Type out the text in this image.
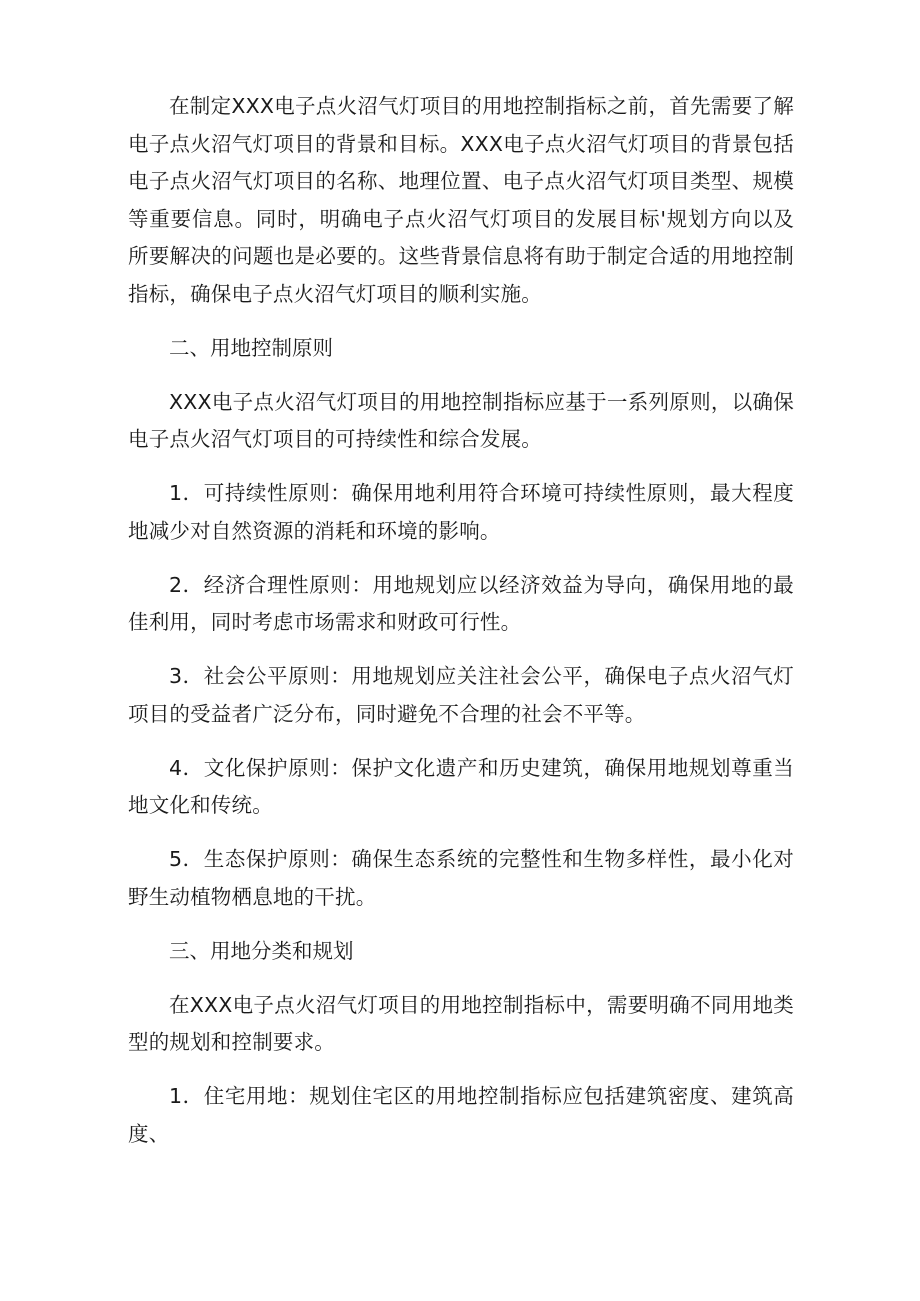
在制定XXX电子点火沼气灯项目的用地控制指标之前，首先需要了解电子点火沼气灯项目的背景和目标。XXX电子点火沼气灯项目的背景包括电子点火沼气灯项目的名称、地理位置、电子点火沼气灯项目类型、规模等重要信息。同时，明确电子点火沼气灯项目的发展目标'规划方向以及所要解决的问题也是必要的。这些背景信息将有助于制定合适的用地控制指标，确保电子点火沼气灯项目的顺利实施。

二、用地控制原则

XXX电子点火沼气灯项目的用地控制指标应基于一系列原则，以确保电子点火沼气灯项目的可持续性和综合发展。

1．可持续性原则：确保用地利用符合环境可持续性原则，最大程度地减少对自然资源的消耗和环境的影响。

2．经济合理性原则：用地规划应以经济效益为导向，确保用地的最佳利用，同时考虑市场需求和财政可行性。

3．社会公平原则：用地规划应关注社会公平，确保电子点火沼气灯项目的受益者广泛分布，同时避免不合理的社会不平等。

4．文化保护原则：保护文化遗产和历史建筑，确保用地规划尊重当地文化和传统。

5．生态保护原则：确保生态系统的完整性和生物多样性，最小化对野生动植物栖息地的干扰。

三、用地分类和规划

在XXX电子点火沼气灯项目的用地控制指标中，需要明确不同用地类型的规划和控制要求。

1．住宅用地：规划住宅区的用地控制指标应包括建筑密度、建筑高度、
